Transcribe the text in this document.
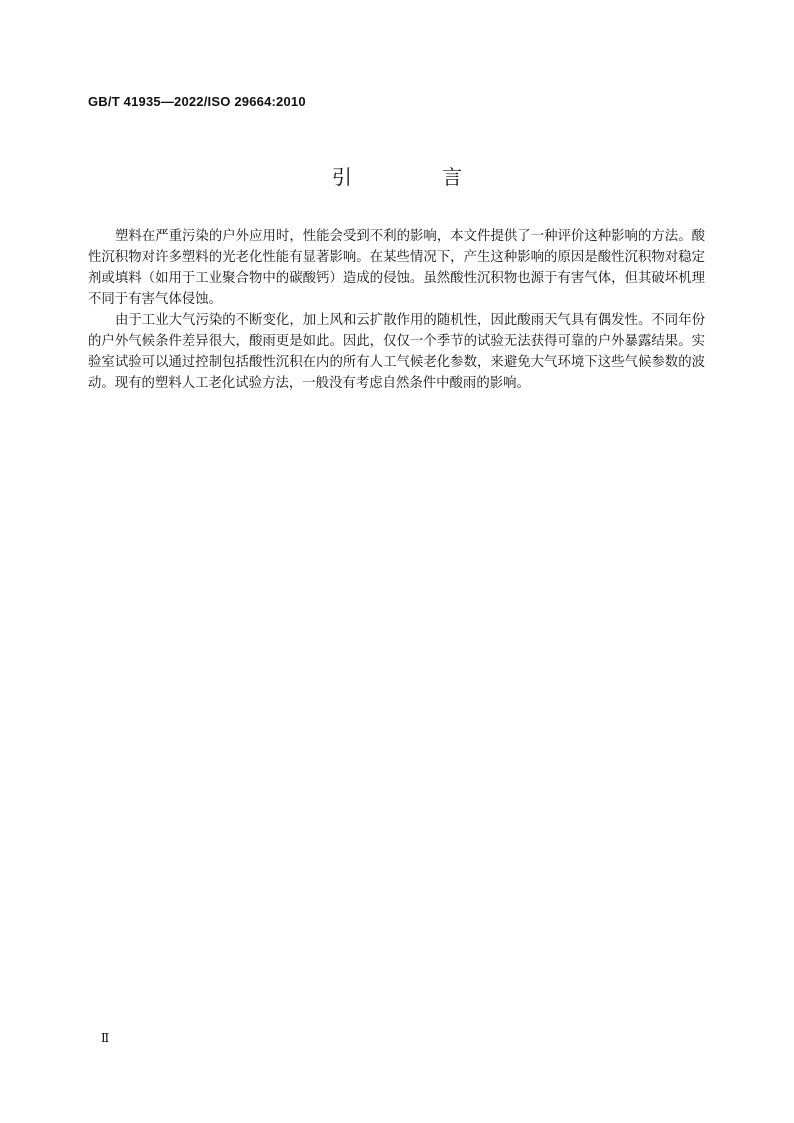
GB/T 41935—2022/ISO 29664:2010
引 言

塑料在严重污染的户外应用时，性能会受到不利的影响，本文件提供了一种评价这种影响的方法。酸性沉积物对许多塑料的光老化性能有显著影响。在某些情况下，产生这种影响的原因是酸性沉积物对稳定剂或填料（如用于工业聚合物中的碳酸钙）造成的侵蚀。虽然酸性沉积物也源于有害气体，但其破坏机理不同于有害气体侵蚀。

由于工业大气污染的不断变化，加上风和云扩散作用的随机性，因此酸雨天气具有偶发性。不同年份的户外气候条件差异很大，酸雨更是如此。因此，仅仅一个季节的试验无法获得可靠的户外暴露结果。实验室试验可以通过控制包括酸性沉积在内的所有人工气候老化参数，来避免大气环境下这些气候参数的波动。现有的塑料人工老化试验方法，一般没有考虑自然条件中酸雨的影响。

Ⅱ
